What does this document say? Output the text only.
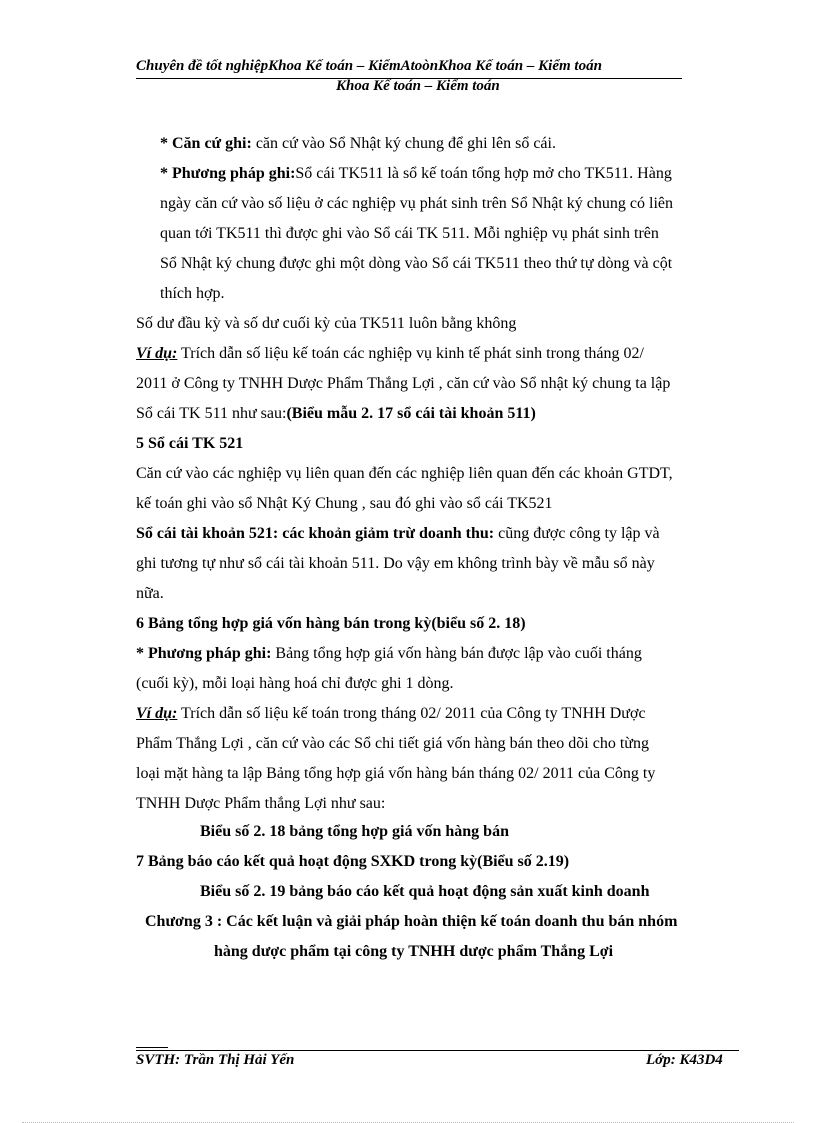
Chuyên đề tốt nghiệpKhoa Kế toán – KiểmAtoònKhoa Kế toán – Kiểm toán
Khoa Kế toán – Kiểm toán
* Căn cứ ghi: căn cứ vào Sổ Nhật ký chung để ghi lên sổ cái.
* Phương pháp ghi:Sổ cái TK511 là sổ kế toán tổng hợp mở cho TK511. Hàng
ngày căn cứ vào số liệu ở các nghiệp vụ phát sinh trên Sổ Nhật ký chung có liên
quan tới TK511 thì được ghi vào Sổ cái TK 511. Mỗi nghiệp vụ phát sinh trên
Sổ Nhật ký chung được ghi một dòng vào Sổ cái TK511 theo thứ tự dòng và cột
thích hợp.
Số dư đầu kỳ và số dư cuối kỳ của TK511 luôn bằng không
Ví dụ: Trích dẫn số liệu kế toán các nghiệp vụ kinh tế phát sinh trong tháng 02/
2011 ở Công ty TNHH Dược Phẩm Thắng Lợi , căn cứ vào Sổ nhật ký chung ta lập
Sổ cái TK 511 như sau:(Biểu mẫu 2. 17 sổ cái tài khoản 511)
5 Sổ cái TK 521
Căn cứ vào các nghiệp vụ liên quan đến các nghiệp liên quan đến các khoản GTDT,
kế toán ghi vào sổ Nhật Ký Chung , sau đó ghi vào sổ cái TK521
Sổ cái tài khoản 521: các khoản giảm trừ doanh thu: cũng được công ty lập và
ghi tương tự như sổ cái tài khoản 511. Do vậy em không trình bày về mẫu sổ này
nữa.
6 Bảng tổng hợp giá vốn hàng bán trong kỳ(biểu số 2. 18)
* Phương pháp ghi: Bảng tổng hợp giá vốn hàng bán được lập vào cuối tháng
(cuối kỳ), mỗi loại hàng hoá chỉ được ghi 1 dòng.
Ví dụ: Trích dẫn số liệu kế toán trong tháng 02/ 2011 của Công ty TNHH Dược
Phẩm Thắng Lợi , căn cứ vào các Sổ chi tiết giá vốn hàng bán theo dõi cho từng
loại mặt hàng ta lập Bảng tổng hợp giá vốn hàng bán tháng 02/ 2011 của Công ty
TNHH Dược Phẩm thắng Lợi như sau:
Biểu số 2. 18 bảng tổng hợp giá vốn hàng bán
7 Bảng báo cáo kết quả hoạt động SXKD trong kỳ(Biểu số 2.19)
Biểu số 2. 19 bảng báo cáo kết quả hoạt động sản xuất kinh doanh
Chương 3 : Các kết luận và giải pháp hoàn thiện kế toán doanh thu bán nhóm
hàng dược phẩm tại công ty TNHH dược phẩm Thắng Lợi
SVTH: Trần Thị Hải Yến	Lớp: K43D4
